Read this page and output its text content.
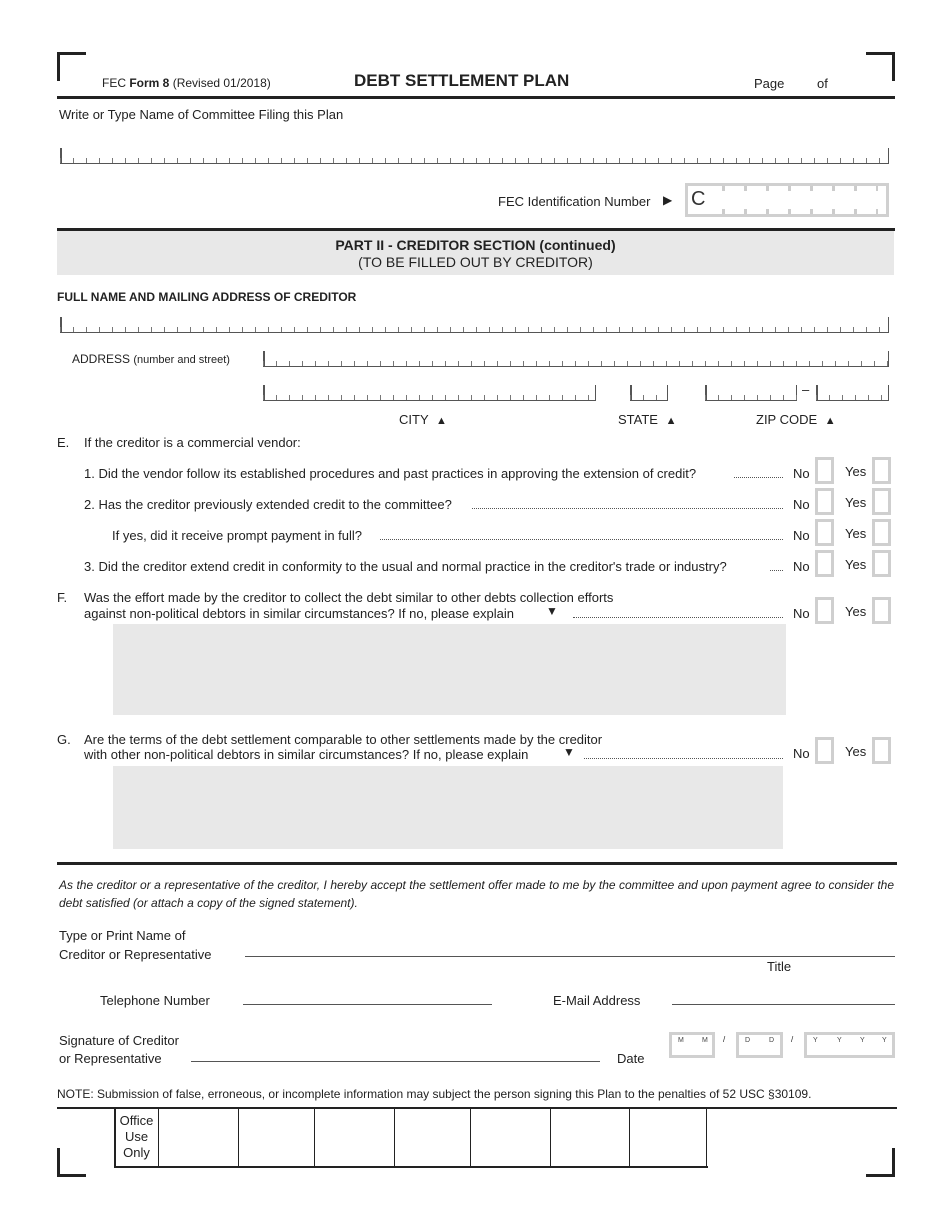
FEC Form 8 (Revised 01/2018)	DEBT SETTLEMENT PLAN	Page	of
Write or Type Name of Committee Filing this Plan
FEC Identification Number ▶ C
PART II - CREDITOR SECTION (continued)
(TO BE FILLED OUT BY CREDITOR)
FULL NAME AND MAILING ADDRESS OF CREDITOR
ADDRESS (number and street)
–
CITY ▲	STATE ▲	ZIP CODE ▲
E. If the creditor is a commercial vendor:
1. Did the vendor follow its established procedures and past practices in approving the extension of credit?	No	Yes
2. Has the creditor previously extended credit to the committee?	No	Yes
If yes, did it receive prompt payment in full?	No	Yes
3. Did the creditor extend credit in conformity to the usual and normal practice in the creditor's trade or industry?	No	Yes
F. Was the effort made by the creditor to collect the debt similar to other debts collection efforts
against non-political debtors in similar circumstances? If no, please explain	▼	No	Yes
G. Are the terms of the debt settlement comparable to other settlements made by the creditor
with other non-political debtors in similar circumstances? If no, please explain	▼	No	Yes
As the creditor or a representative of the creditor, I hereby accept the settlement offer made to me by the committee and upon payment agree to consider the debt satisfied (or attach a copy of the signed statement).
Type or Print Name of
Creditor or Representative
Title
Telephone Number	E-Mail Address
Signature of Creditor
or Representative	Date
M	M /	D	D /	Y	Y	Y Y
NOTE: Submission of false, erroneous, or incomplete information may subject the person signing this Plan to the penalties of 52 USC §30109.
Office
Use
Only
